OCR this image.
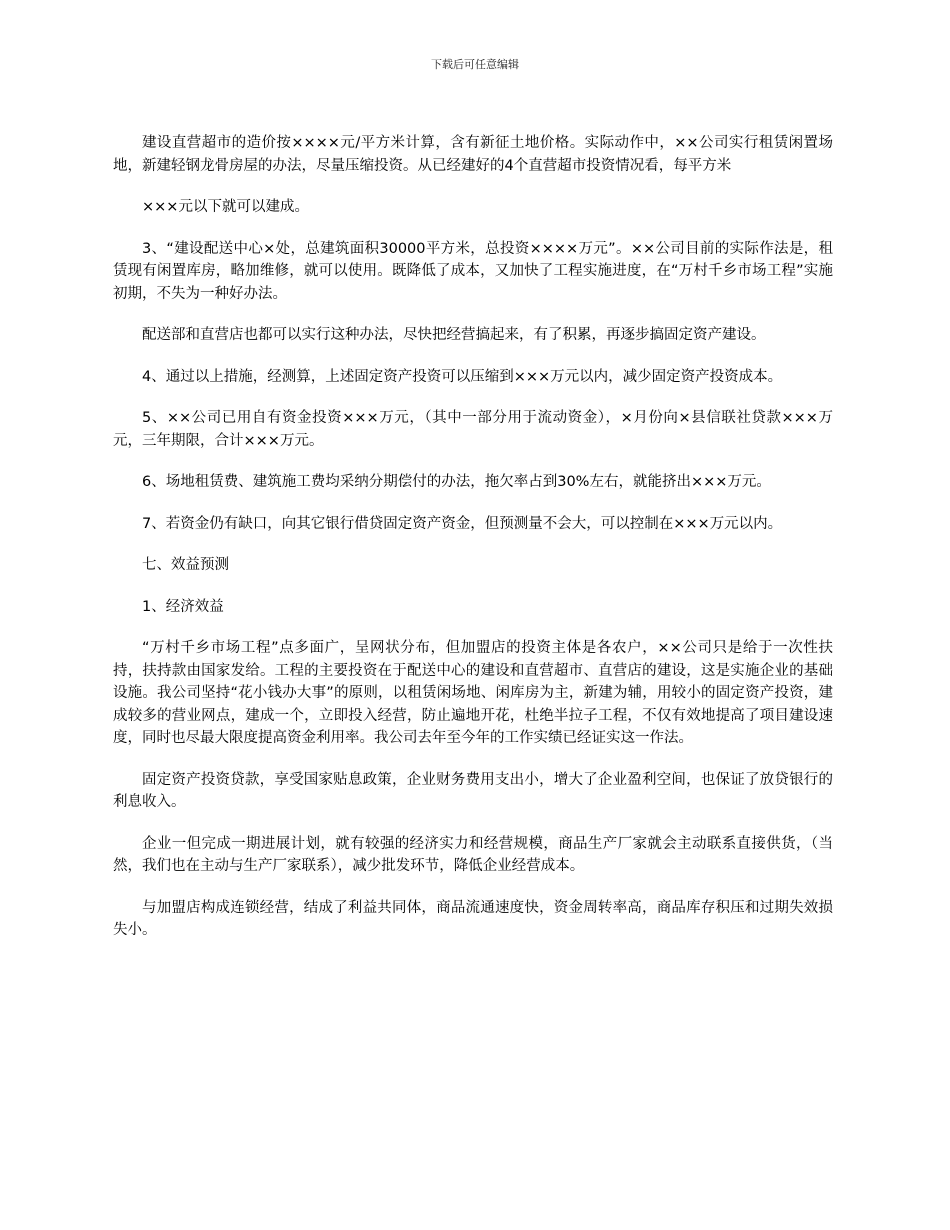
下载后可任意编辑

建设直营超市的造价按××××元/平方米计算，含有新征土地价格。实际动作中，××公司实行租赁闲置场地，新建轻钢龙骨房屋的办法，尽量压缩投资。从已经建好的4个直营超市投资情况看，每平方米

×××元以下就可以建成。

3、“建设配送中心×处，总建筑面积30000平方米，总投资××××万元”。××公司目前的实际作法是，租赁现有闲置库房，略加维修，就可以使用。既降低了成本，又加快了工程实施进度，在“万村千乡市场工程”实施初期，不失为一种好办法。

配送部和直营店也都可以实行这种办法，尽快把经营搞起来，有了积累，再逐步搞固定资产建设。

4、通过以上措施，经测算，上述固定资产投资可以压缩到×××万元以内，减少固定资产投资成本。

5、××公司已用自有资金投资×××万元，（其中一部分用于流动资金），×月份向×县信联社贷款×××万元，三年期限，合计×××万元。

6、场地租赁费、建筑施工费均采纳分期偿付的办法，拖欠率占到30%左右，就能挤出×××万元。

7、若资金仍有缺口，向其它银行借贷固定资产资金，但预测量不会大，可以控制在×××万元以内。

七、效益预测

1、经济效益

“万村千乡市场工程”点多面广，呈网状分布，但加盟店的投资主体是各农户，××公司只是给于一次性扶持，扶持款由国家发给。工程的主要投资在于配送中心的建设和直营超市、直营店的建设，这是实施企业的基础设施。我公司坚持“花小钱办大事”的原则，以租赁闲场地、闲库房为主，新建为辅，用较小的固定资产投资，建成较多的营业网点，建成一个，立即投入经营，防止遍地开花，杜绝半拉子工程，不仅有效地提高了项目建设速度，同时也尽最大限度提高资金利用率。我公司去年至今年的工作实绩已经证实这一作法。

固定资产投资贷款，享受国家贴息政策，企业财务费用支出小，增大了企业盈利空间，也保证了放贷银行的利息收入。

企业一但完成一期进展计划，就有较强的经济实力和经营规模，商品生产厂家就会主动联系直接供货，（当然，我们也在主动与生产厂家联系），减少批发环节，降低企业经营成本。

与加盟店构成连锁经营，结成了利益共同体，商品流通速度快，资金周转率高，商品库存积压和过期失效损失小。
